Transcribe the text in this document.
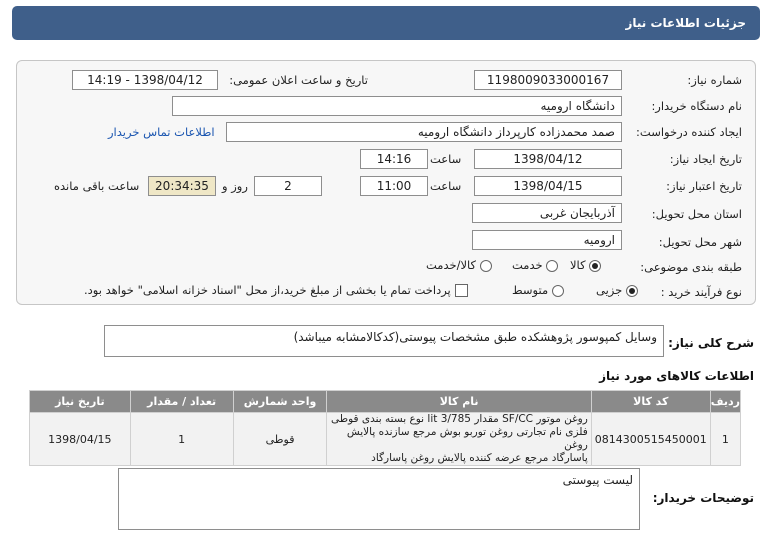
جزئیات اطلاعات نیاز
شماره نیاز:
1198009033000167
تاریخ و ساعت اعلان عمومی:
1398/04/12 - 14:19
نام دستگاه خریدار:
دانشگاه ارومیه
ایجاد کننده درخواست:
صمد محمدزاده کارپرداز دانشگاه ارومیه
اطلاعات تماس خریدار
تاریخ ایجاد نیاز:
1398/04/12
ساعت
14:16
تاریخ اعتبار نیاز:
1398/04/15
ساعت
11:00
2
روز و
20:34:35
ساعت باقی مانده
استان محل تحویل:
آذربایجان غربی
شهر محل تحویل:
ارومیه
طبقه بندی موضوعی:
کالا
خدمت
کالا/خدمت
نوع فرآیند خرید :
جزیی
متوسط
پرداخت تمام یا بخشی از مبلغ خرید،از محل "اسناد خزانه اسلامی" خواهد بود.
شرح کلی نیاز:
وسایل کمپوسور پژوهشکده طبق مشخصات پیوستی(کدکالامشابه میباشد)
اطلاعات کالاهای مورد نیاز
ردیف	کد کالا	نام کالا	واحد شمارش	تعداد / مقدار	تاریخ نیاز
1	0814300515450001	روغن موتور SF/CC مقدار 3/785 lit نوع بسته بندی قوطی
فلزی نام تجارتی روغن توربو بوش مرجع سازنده پالایش روغن
پاسارگاد مرجع عرضه کننده پالایش روغن پاسارگاد	قوطی	1	1398/04/15
توضیحات خریدار:
لیست پیوستی
